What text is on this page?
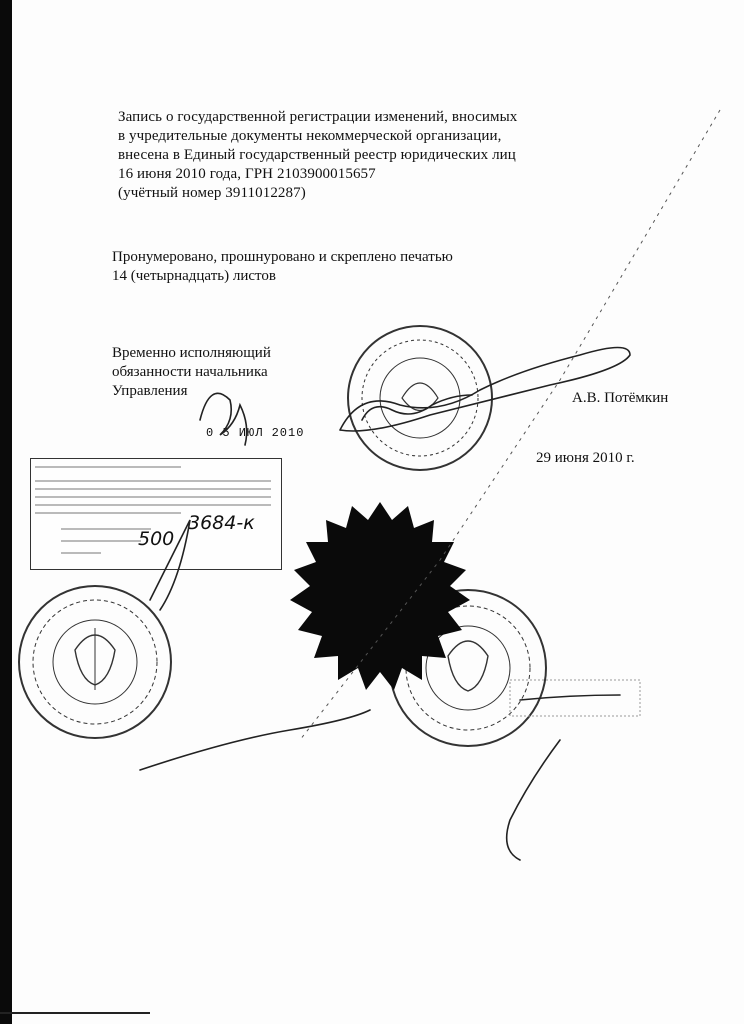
Запись о государственной регистрации изменений, вносимых
в учредительные документы некоммерческой организации,
внесена в Единый государственный реестр юридических лиц
16 июня 2010 года, ГРН 2103900015657
(учётный номер 3911012287)
Пронумеровано, прошнуровано и скреплено печатью
14 (четырнадцать) листов
Временно исполняющий
обязанности начальника
Управления	А.В. Потёмкин
29 июня 2010 г.
0 5 ИЮЛ 2010
3684-к
500
